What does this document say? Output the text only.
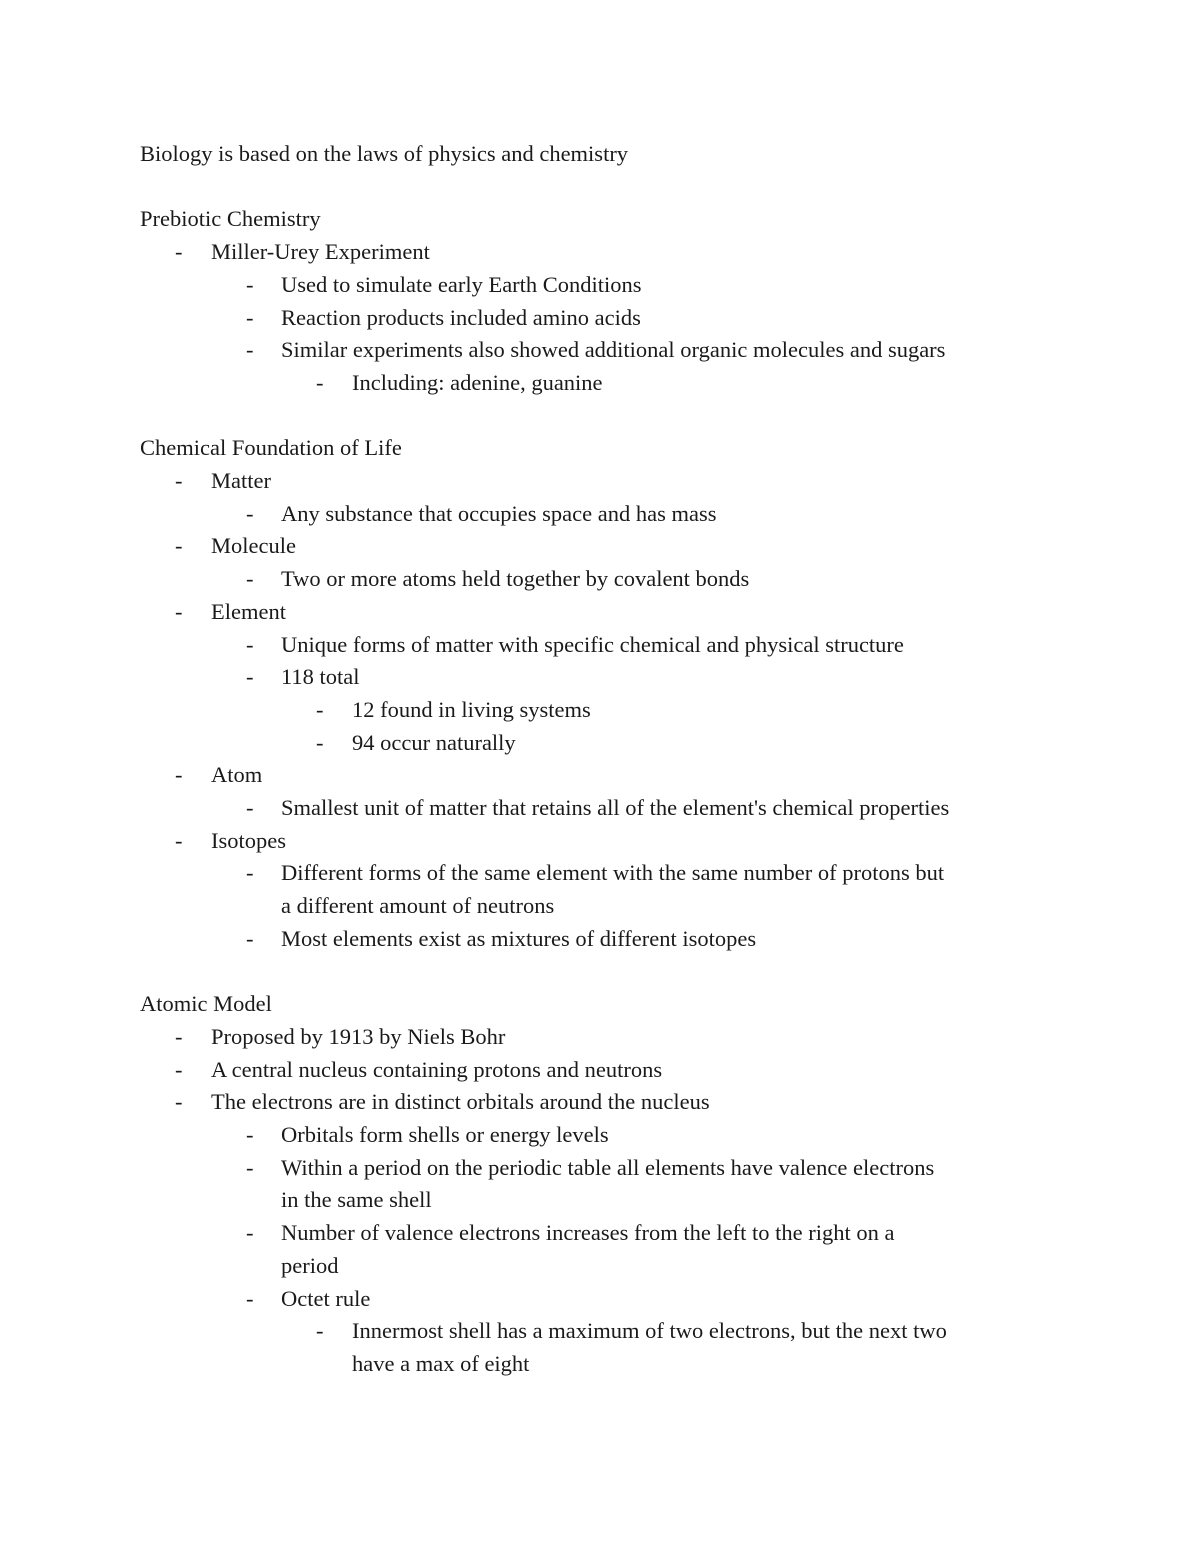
Biology is based on the laws of physics and chemistry

Prebiotic Chemistry

- Miller-Urey Experiment
- Used to simulate early Earth Conditions
- Reaction products included amino acids
- Similar experiments also showed additional organic molecules and sugars
- Including: adenine, guanine

Chemical Foundation of Life

- Matter
- Any substance that occupies space and has mass
- Molecule
- Two or more atoms held together by covalent bonds
- Element
- Unique forms of matter with specific chemical and physical structure
- 118 total
- 12 found in living systems
- 94 occur naturally
- Atom
- Smallest unit of matter that retains all of the element's chemical properties
- Isotopes
- Different forms of the same element with the same number of protons but
a different amount of neutrons
- Most elements exist as mixtures of different isotopes

Atomic Model

- Proposed by 1913 by Niels Bohr
- A central nucleus containing protons and neutrons
- The electrons are in distinct orbitals around the nucleus
- Orbitals form shells or energy levels
- Within a period on the periodic table all elements have valence electrons
in the same shell
- Number of valence electrons increases from the left to the right on a
period
- Octet rule
- Innermost shell has a maximum of two electrons, but the next two
have a max of eight
